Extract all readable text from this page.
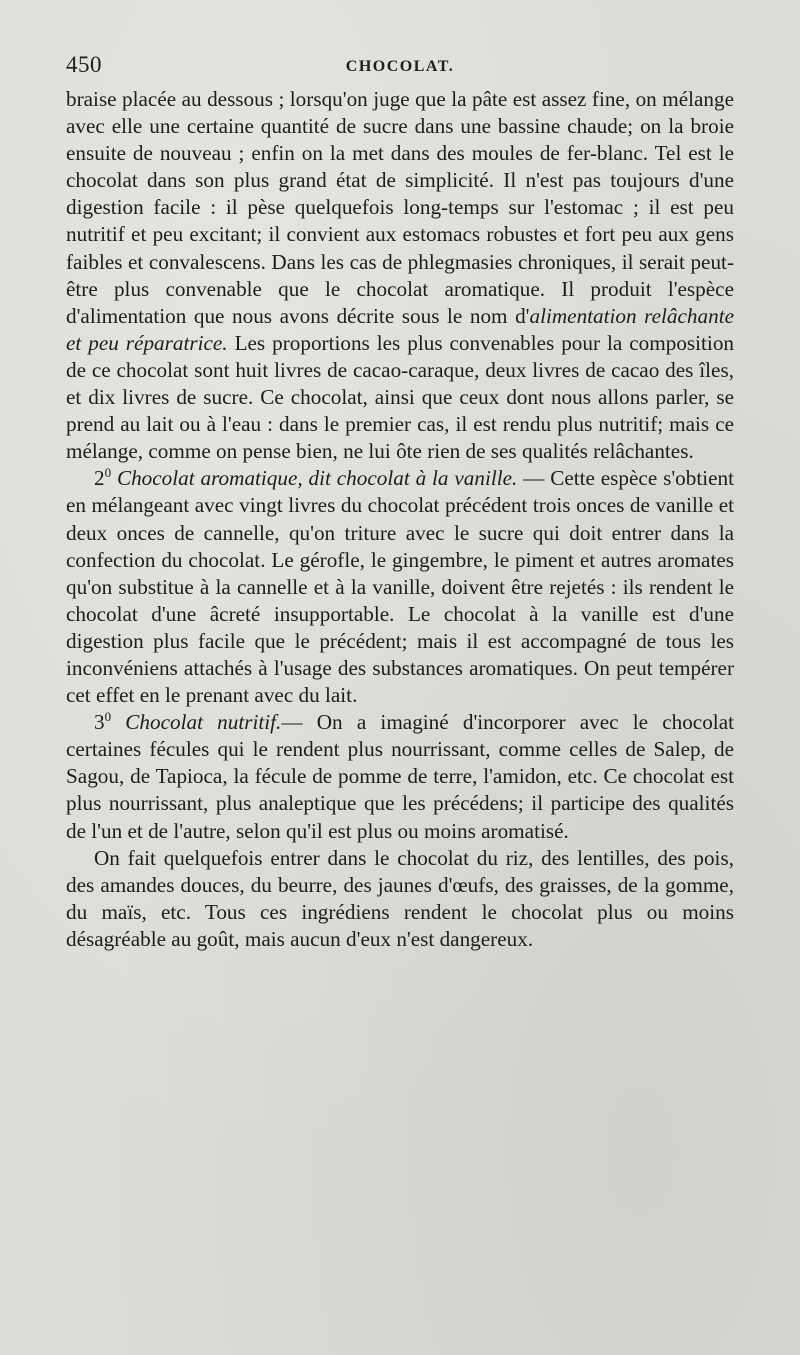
450	CHOCOLAT.

braise placée au dessous ; lorsqu'on juge que la pâte est assez fine, on mélange avec elle une certaine quantité de sucre dans une bassine chaude; on la broie ensuite de nouveau ; enfin on la met dans des moules de fer-blanc. Tel est le chocolat dans son plus grand état de simplicité. Il n'est pas toujours d'une digestion facile : il pèse quelquefois long-temps sur l'estomac ; il est peu nutritif et peu excitant; il convient aux estomacs robustes et fort peu aux gens faibles et convalescens. Dans les cas de phlegmasies chroniques, il serait peut-être plus convenable que le chocolat aromatique. Il produit l'espèce d'alimentation que nous avons décrite sous le nom d'alimentation relâchante et peu réparatrice. Les proportions les plus convenables pour la composition de ce chocolat sont huit livres de cacao-caraque, deux livres de cacao des îles, et dix livres de sucre. Ce chocolat, ainsi que ceux dont nous allons parler, se prend au lait ou à l'eau : dans le premier cas, il est rendu plus nutritif; mais ce mélange, comme on pense bien, ne lui ôte rien de ses qualités relâchantes.

$2^0$ Chocolat aromatique, dit chocolat à la vanille. — Cette espèce s'obtient en mélangeant avec vingt livres du chocolat précédent trois onces de vanille et deux onces de cannelle, qu'on triture avec le sucre qui doit entrer dans la confection du chocolat. Le gérofle, le gingembre, le piment et autres aromates qu'on substitue à la cannelle et à la vanille, doivent être rejetés : ils rendent le chocolat d'une âcreté insupportable. Le chocolat à la vanille est d'une digestion plus facile que le précédent; mais il est accompagné de tous les inconvéniens attachés à l'usage des substances aromatiques. On peut tempérer cet effet en le prenant avec du lait.

$3^0$ Chocolat nutritif.— On a imaginé d'incorporer avec le chocolat certaines fécules qui le rendent plus nourrissant, comme celles de Salep, de Sagou, de Tapioca, la fécule de pomme de terre, l'amidon, etc. Ce chocolat est plus nourrissant, plus analeptique que les précédens; il participe des qualités de l'un et de l'autre, selon qu'il est plus ou moins aromatisé.

On fait quelquefois entrer dans le chocolat du riz, des lentilles, des pois, des amandes douces, du beurre, des jaunes d'œufs, des graisses, de la gomme, du maïs, etc. Tous ces ingrédiens rendent le chocolat plus ou moins désagréable au goût, mais aucun d'eux n'est dangereux.
